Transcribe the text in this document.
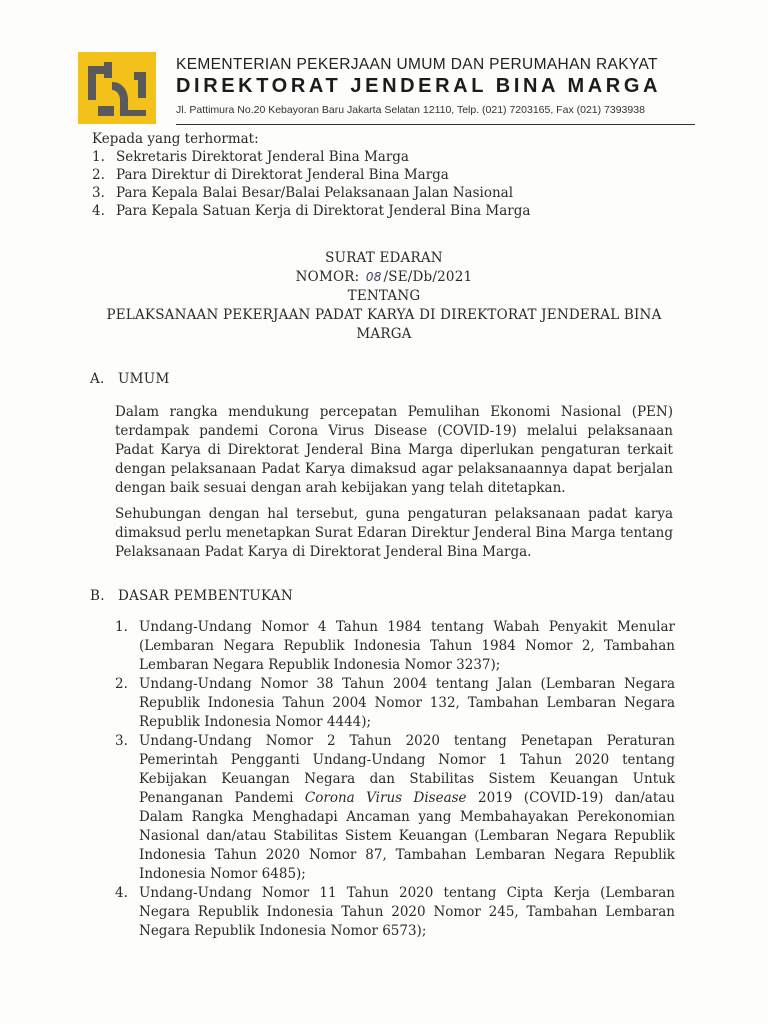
KEMENTERIAN PEKERJAAN UMUM DAN PERUMAHAN RAKYAT
DIREKTORAT JENDERAL BINA MARGA
Jl. Pattimura No.20 Kebayoran Baru Jakarta Selatan 12110, Telp. (021) 7203165, Fax (021) 7393938
Kepada yang terhormat:
1. Sekretaris Direktorat Jenderal Bina Marga
2. Para Direktur di Direktorat Jenderal Bina Marga
3. Para Kepala Balai Besar/Balai Pelaksanaan Jalan Nasional
4. Para Kepala Satuan Kerja di Direktorat Jenderal Bina Marga
SURAT EDARAN
NOMOR: 08 /SE/Db/2021
TENTANG
PELAKSANAAN PEKERJAAN PADAT KARYA DI DIREKTORAT JENDERAL BINA
MARGA
A. UMUM
Dalam rangka mendukung percepatan Pemulihan Ekonomi Nasional (PEN)
terdampak pandemi Corona Virus Disease (COVID-19) melalui pelaksanaan
Padat Karya di Direktorat Jenderal Bina Marga diperlukan pengaturan terkait
dengan pelaksanaan Padat Karya dimaksud agar pelaksanaannya dapat berjalan
dengan baik sesuai dengan arah kebijakan yang telah ditetapkan.
Sehubungan dengan hal tersebut, guna pengaturan pelaksanaan padat karya
dimaksud perlu menetapkan Surat Edaran Direktur Jenderal Bina Marga tentang
Pelaksanaan Padat Karya di Direktorat Jenderal Bina Marga.
B. DASAR PEMBENTUKAN
1. Undang-Undang Nomor 4 Tahun 1984 tentang Wabah Penyakit Menular
(Lembaran Negara Republik Indonesia Tahun 1984 Nomor 2, Tambahan
Lembaran Negara Republik Indonesia Nomor 3237);
2. Undang-Undang Nomor 38 Tahun 2004 tentang Jalan (Lembaran Negara
Republik Indonesia Tahun 2004 Nomor 132, Tambahan Lembaran Negara
Republik Indonesia Nomor 4444);
3. Undang-Undang Nomor 2 Tahun 2020 tentang Penetapan Peraturan
Pemerintah Pengganti Undang-Undang Nomor 1 Tahun 2020 tentang
Kebijakan Keuangan Negara dan Stabilitas Sistem Keuangan Untuk
Penanganan Pandemi Corona Virus Disease 2019 (COVID-19) dan/atau
Dalam Rangka Menghadapi Ancaman yang Membahayakan Perekonomian
Nasional dan/atau Stabilitas Sistem Keuangan (Lembaran Negara Republik
Indonesia Tahun 2020 Nomor 87, Tambahan Lembaran Negara Republik
Indonesia Nomor 6485);
4. Undang-Undang Nomor 11 Tahun 2020 tentang Cipta Kerja (Lembaran
Negara Republik Indonesia Tahun 2020 Nomor 245, Tambahan Lembaran
Negara Republik Indonesia Nomor 6573);
